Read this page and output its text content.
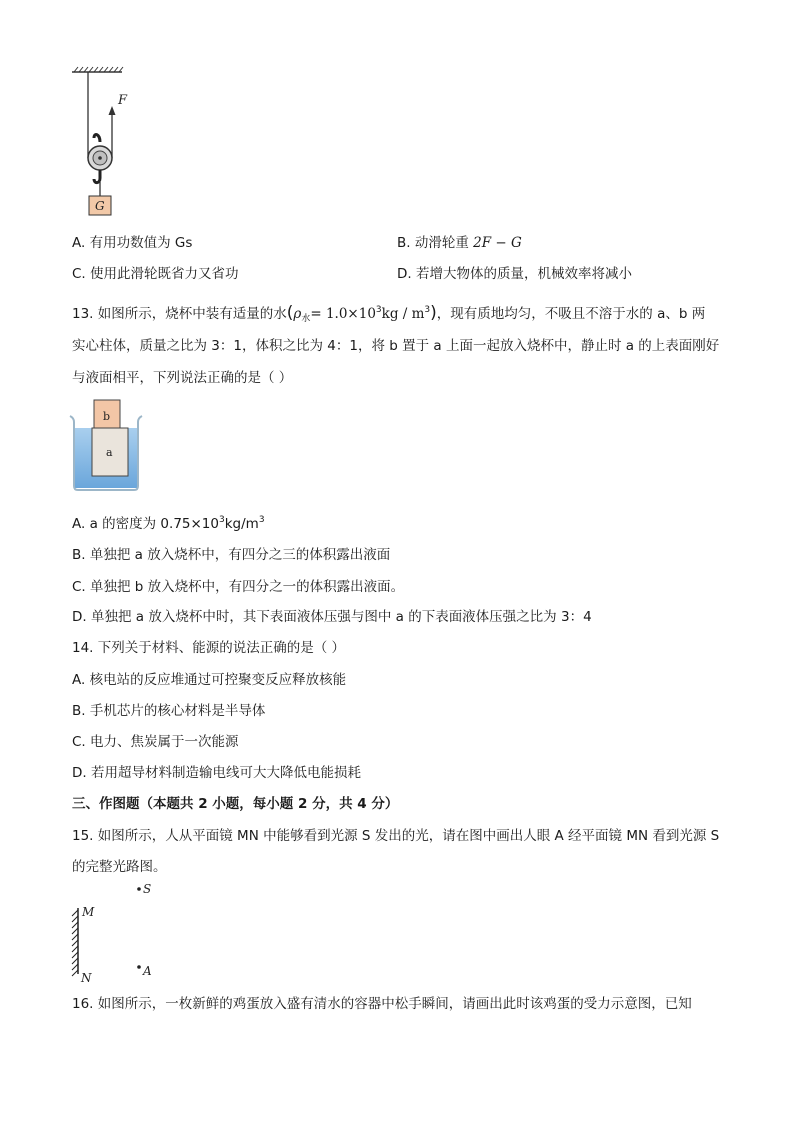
F
G
A. 有用功数值为 Gs	B. 动滑轮重 2F − G
C. 使用此滑轮既省力又省功	D. 若增大物体的质量，机械效率将减小
13. 如图所示，烧杯中装有适量的水$(\rho_水= 1.0\times 10^3kg / m^3)$，现有质地均匀，不吸且不溶于水的 a、b 两
实心柱体，质量之比为 3：1，体积之比为 4：1，将 b 置于 a 上面一起放入烧杯中，静止时 a 的上表面刚好
与液面相平，下列说法正确的是（ ）
a
b
A. a 的密度为 $0.75\times 10^3kg/m^3$
B. 单独把 a 放入烧杯中，有四分之三的体积露出液面
C. 单独把 b 放入烧杯中，有四分之一的体积露出液面。
D. 单独把 a 放入烧杯中时，其下表面液体压强与图中 a 的下表面液体压强之比为 3：4
14. 下列关于材料、能源的说法正确的是（ ）
A. 核电站的反应堆通过可控聚变反应释放核能
B. 手机芯片的核心材料是半导体
C. 电力、焦炭属于一次能源
D. 若用超导材料制造输电线可大大降低电能损耗
三、作图题（本题共 2 小题，每小题 2 分，共 4 分）
15. 如图所示，人从平面镜 MN 中能够看到光源 S 发出的光，请在图中画出人眼 A 经平面镜 MN 看到光源 S
的完整光路图。
S
M
N	A
16. 如图所示，一枚新鲜的鸡蛋放入盛有清水的容器中松手瞬间，请画出此时该鸡蛋的受力示意图，已知
